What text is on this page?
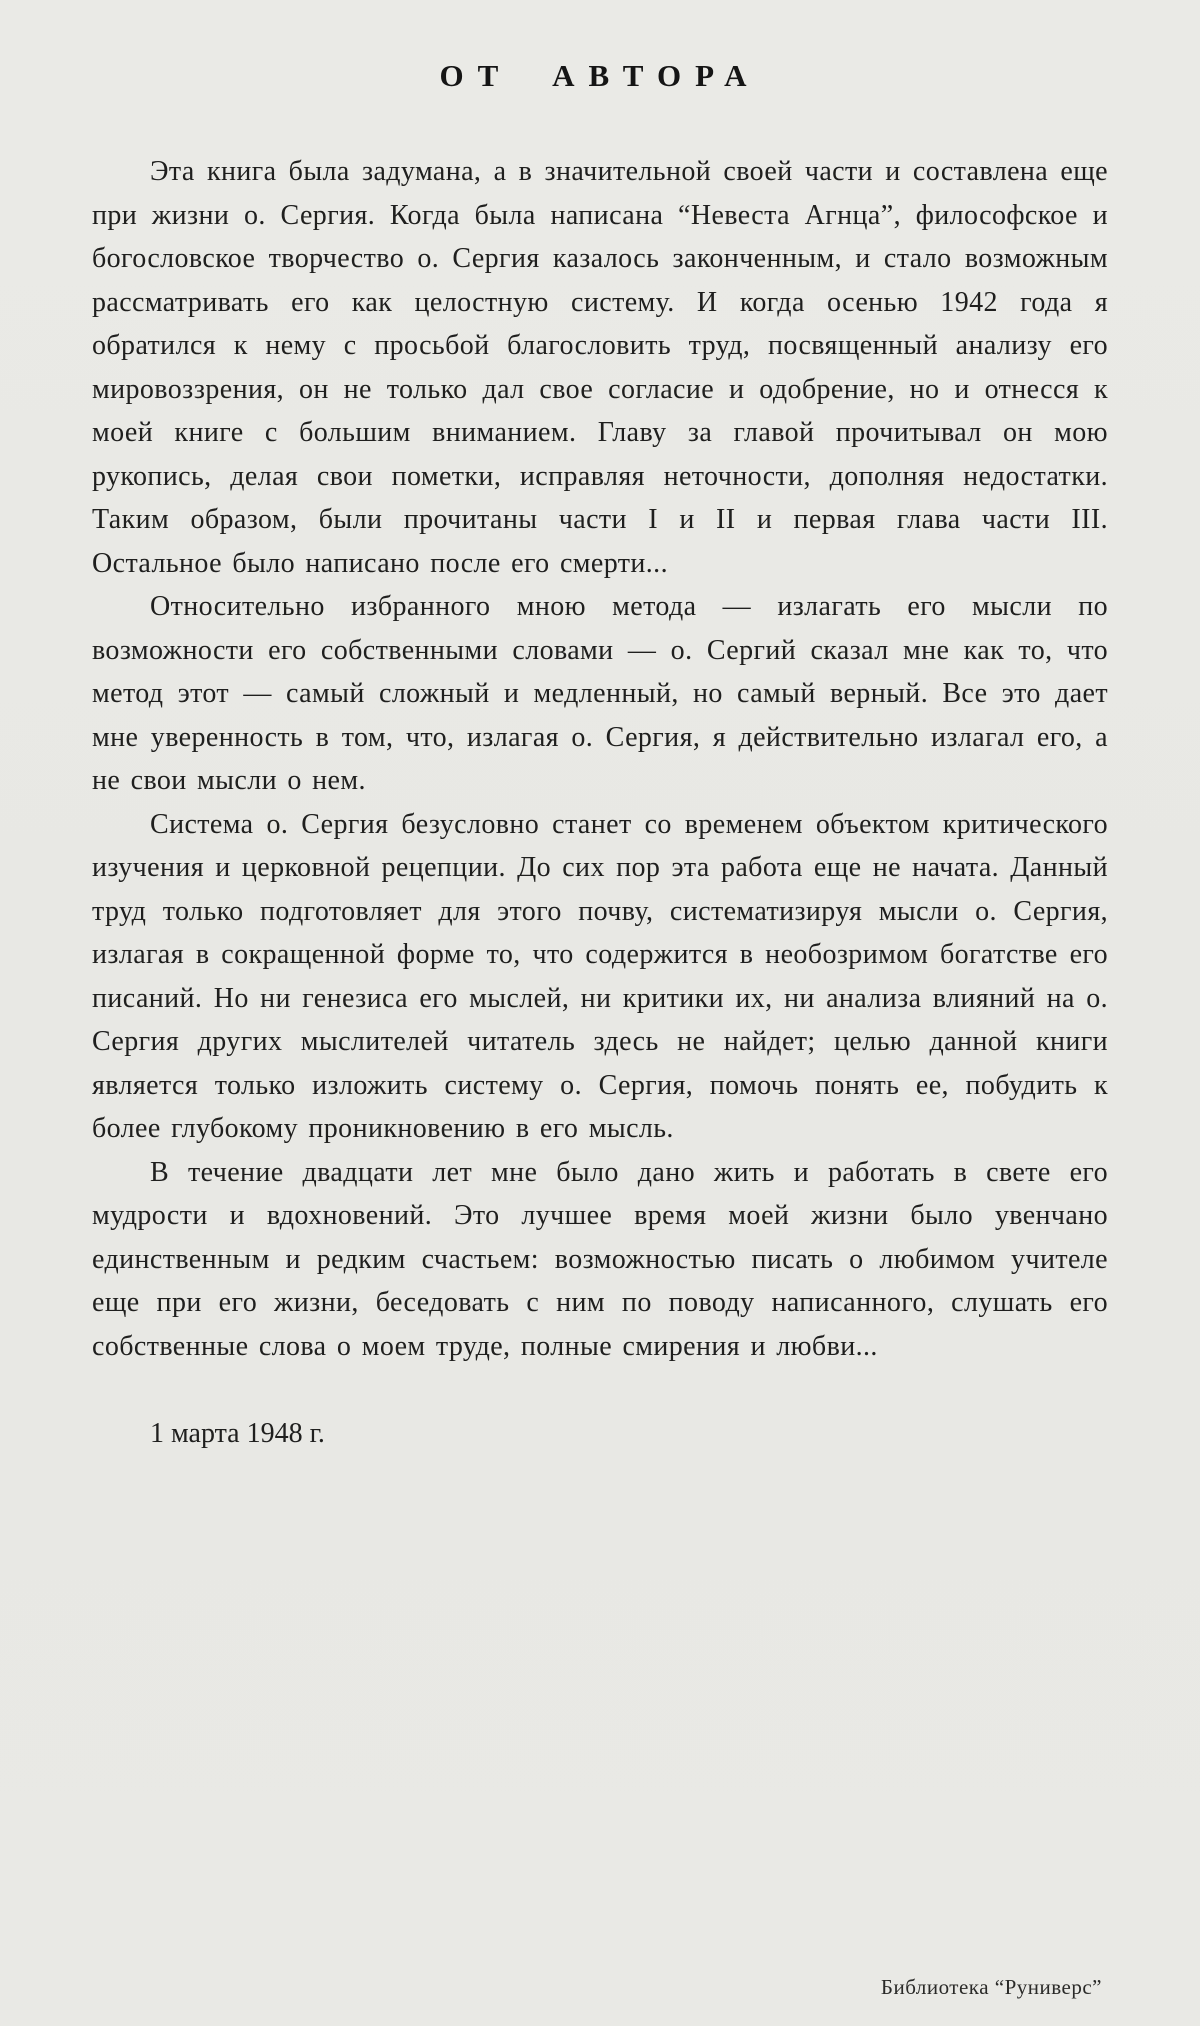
ОТ АВТОРА

Эта книга была задумана, а в значительной своей части и составлена еще при жизни о. Сергия. Когда была написана “Невеста Агнца”, философское и богословское творчество о. Сергия казалось законченным, и стало возможным рассматривать его как целостную систему. И когда осенью 1942 года я обратился к нему с просьбой благословить труд, посвященный анализу его мировоззрения, он не только дал свое согласие и одобрение, но и отнесся к моей книге с большим вниманием. Главу за главой прочитывал он мою рукопись, делая свои пометки, исправляя неточности, дополняя недостатки. Таким образом, были прочитаны части I и II и первая глава части III. Остальное было написано после его смерти...

Относительно избранного мною метода — излагать его мысли по возможности его собственными словами — о. Сергий сказал мне как то, что метод этот — самый сложный и медленный, но самый верный. Все это дает мне уверенность в том, что, излагая о. Сергия, я действительно излагал его, а не свои мысли о нем.

Система о. Сергия безусловно станет со временем объектом критического изучения и церковной рецепции. До сих пор эта работа еще не начата. Данный труд только подготовляет для этого почву, систематизируя мысли о. Сергия, излагая в сокращенной форме то, что содержится в необозримом богатстве его писаний. Но ни генезиса его мыслей, ни критики их, ни анализа влияний на о. Сергия других мыслителей читатель здесь не найдет; целью данной книги является только изложить систему о. Сергия, помочь понять ее, побудить к более глубокому проникновению в его мысль.

В течение двадцати лет мне было дано жить и работать в свете его мудрости и вдохновений. Это лучшее время моей жизни было увенчано единственным и редким счастьем: возможностью писать о любимом учителе еще при его жизни, беседовать с ним по поводу написанного, слушать его собственные слова о моем труде, полные смирения и любви...

1 марта 1948 г.
Библиотека “Руниверс”
